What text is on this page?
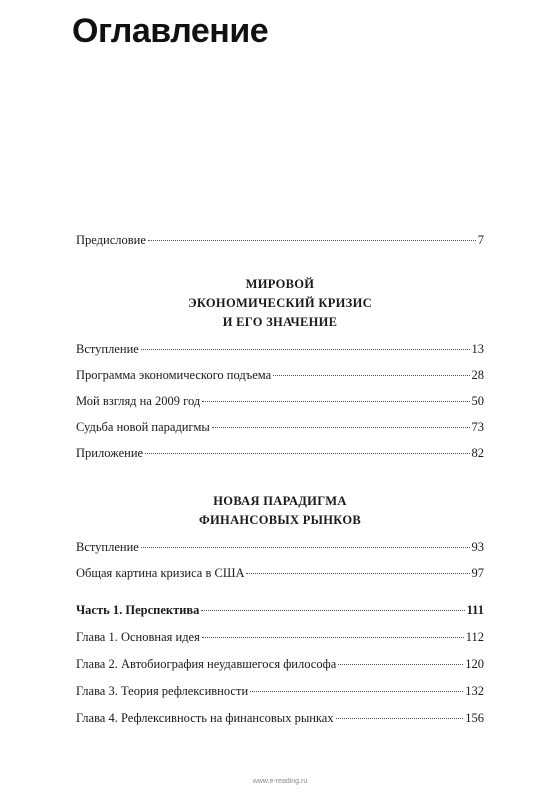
Оглавление
Предисловие	7
МИРОВОЙ
ЭКОНОМИЧЕСКИЙ КРИЗИС
И ЕГО ЗНАЧЕНИЕ
Вступление	13
Программа экономического подъема	28
Мой взгляд на 2009 год	50
Судьба новой парадигмы	73
Приложение	82
НОВАЯ ПАРАДИГМА
ФИНАНСОВЫХ РЫНКОВ
Вступление	93
Общая картина кризиса в США	97
Часть 1. Перспектива	111
Глава 1. Основная идея	112
Глава 2. Автобиография неудавшегося философа	120
Глава 3. Теория рефлексивности	132
Глава 4. Рефлексивность на финансовых рынках	156
www.e-reading.ru
